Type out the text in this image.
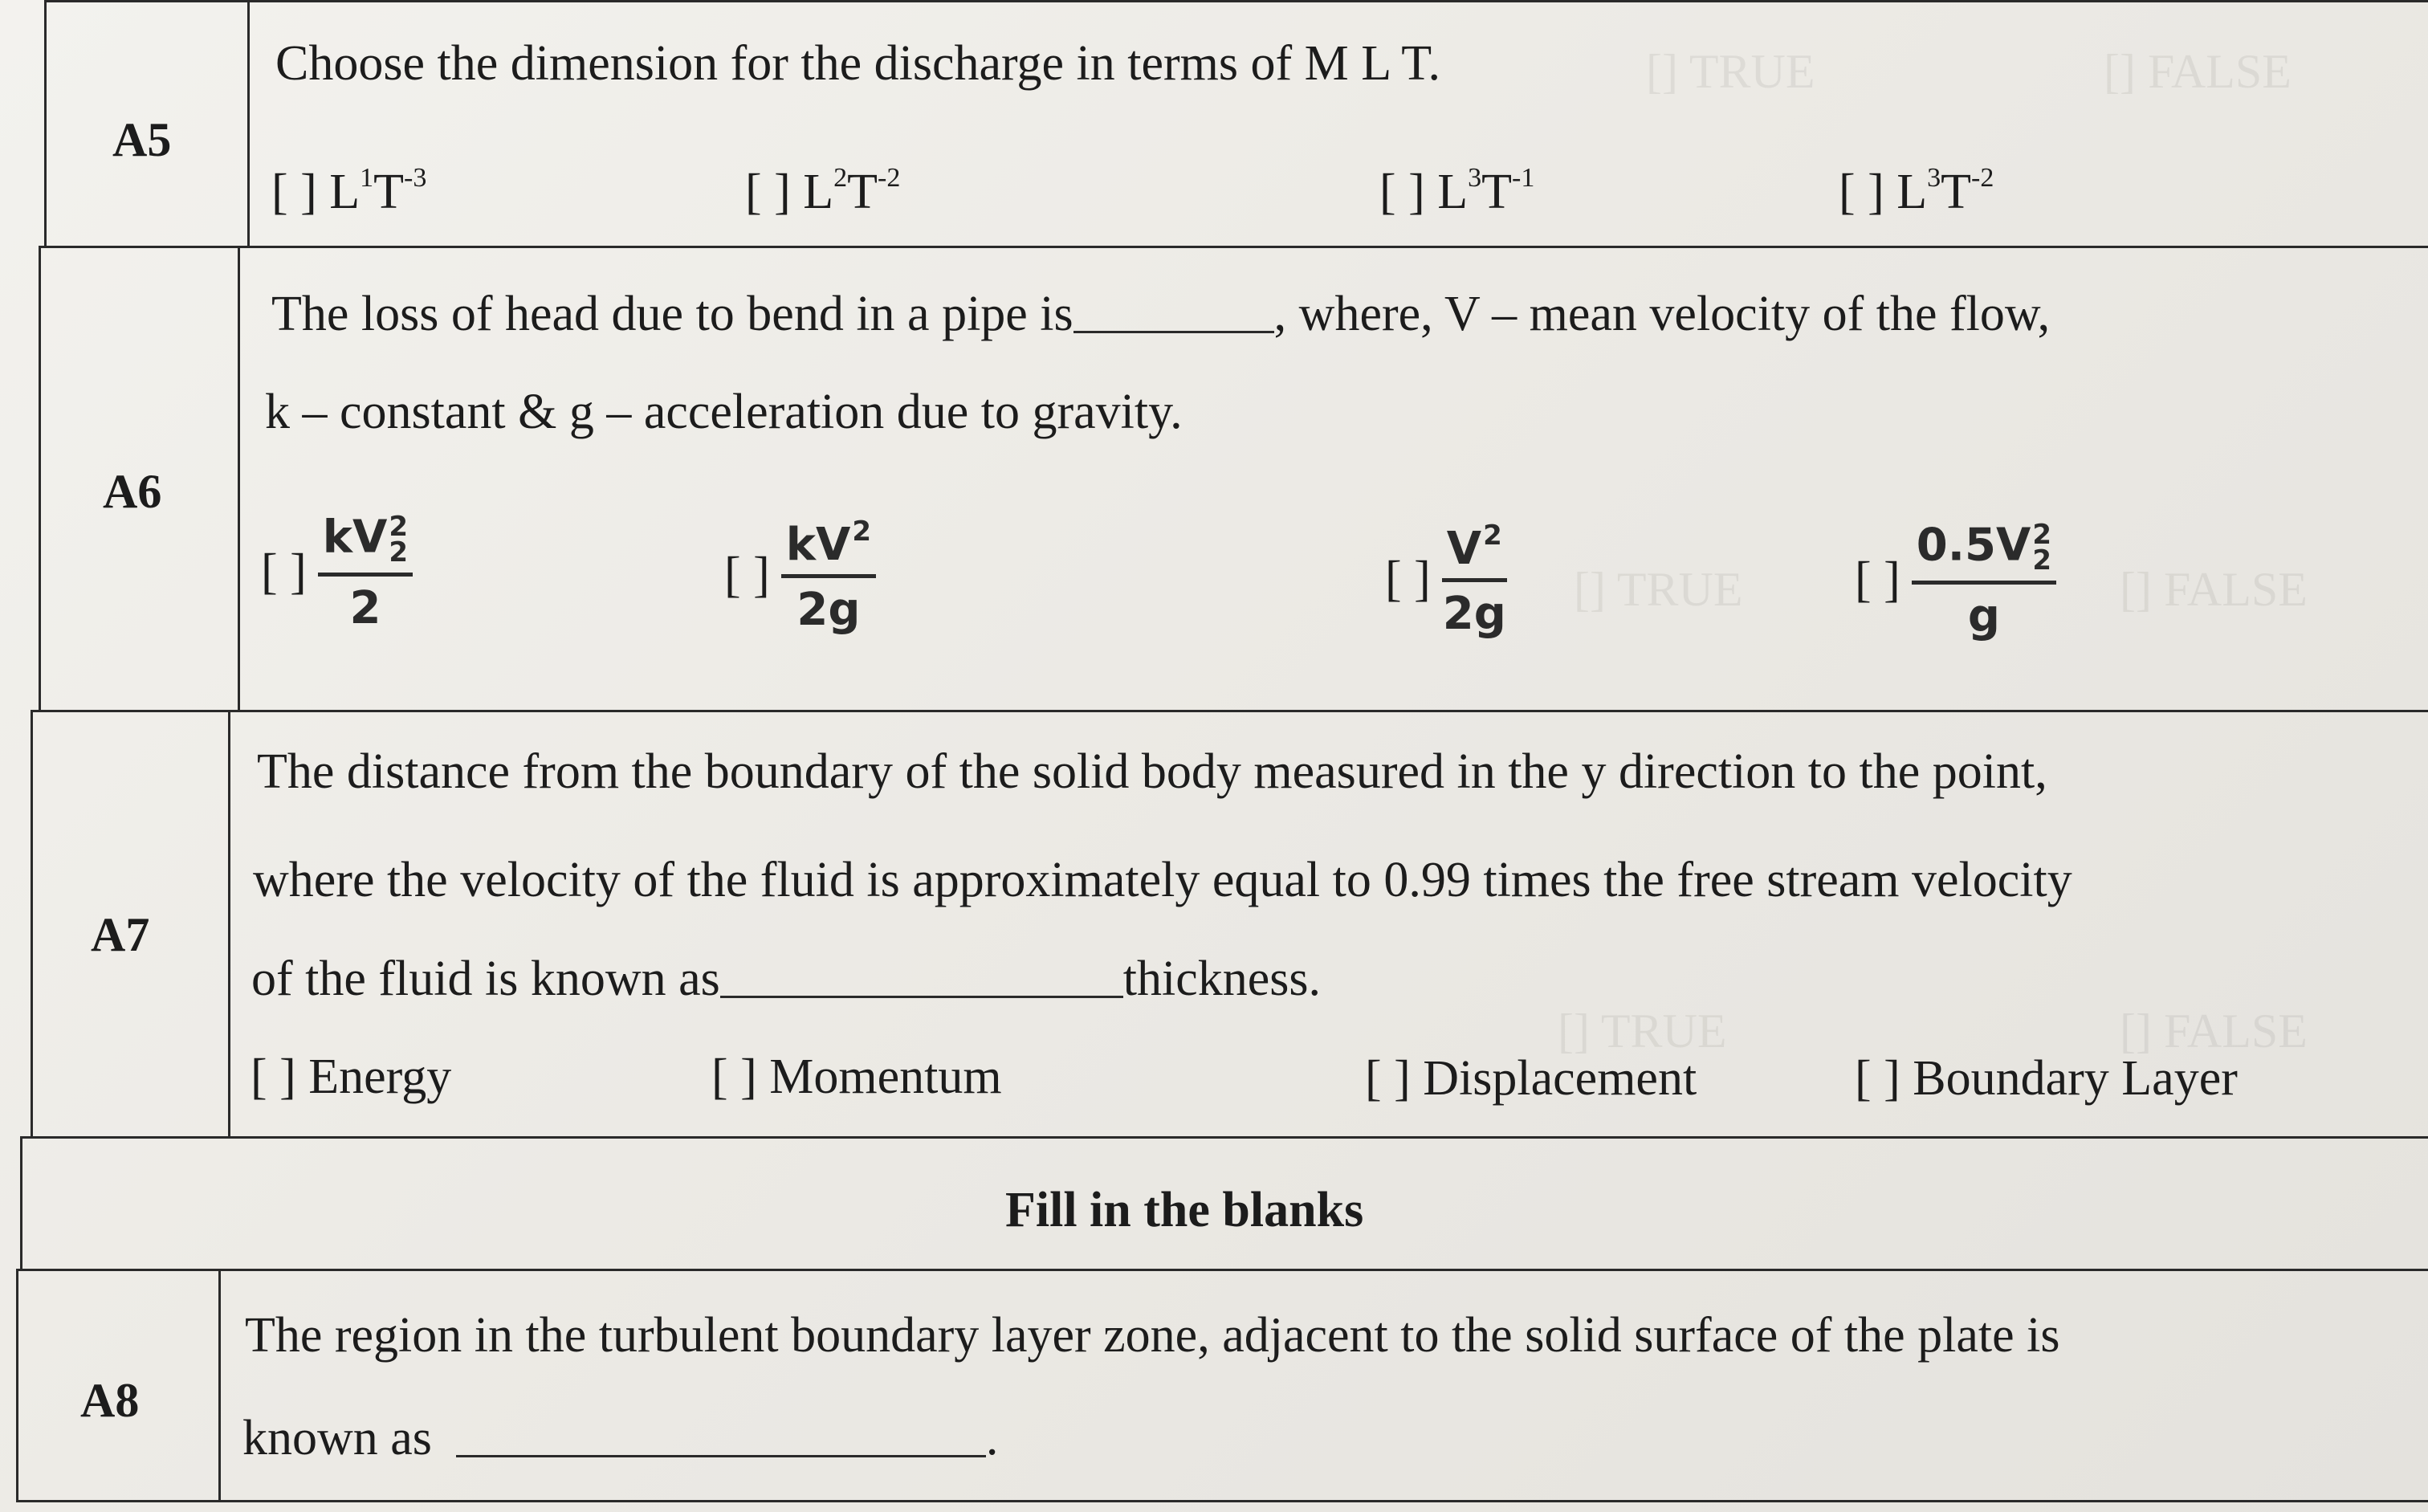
[] TRUE	[] FALSE
[] TRUE	[] FALSE
[] TRUE	[] FALSE
A5
Choose the dimension for the discharge in terms of M L T.
[ ] $L^1T^{-3}$	[ ] $L^2T^{-2}$	[ ] $L^3T^{-1}$	[ ] $L^3T^{-2}$
A6
The loss of head due to bend in a pipe is	, where, V – mean velocity of the flow,
k – constant & g – acceleration due to gravity.
[ ]
kV 2
2
2
[ ]
$kV^2$
2g
[ ]
$V^2$
2g
[ ]
0.5V 2
2
g
A7
The distance from the boundary of the solid body measured in the y direction to the point,
where the velocity of the fluid is approximately equal to 0.99 times the free stream velocity
of the fluid is known as	thickness.
[ ] Energy	[ ] Momentum	[ ] Displacement	[ ] Boundary Layer
Fill in the blanks
A8
The region in the turbulent boundary layer zone, adjacent to the solid surface of the plate is
known as	.
